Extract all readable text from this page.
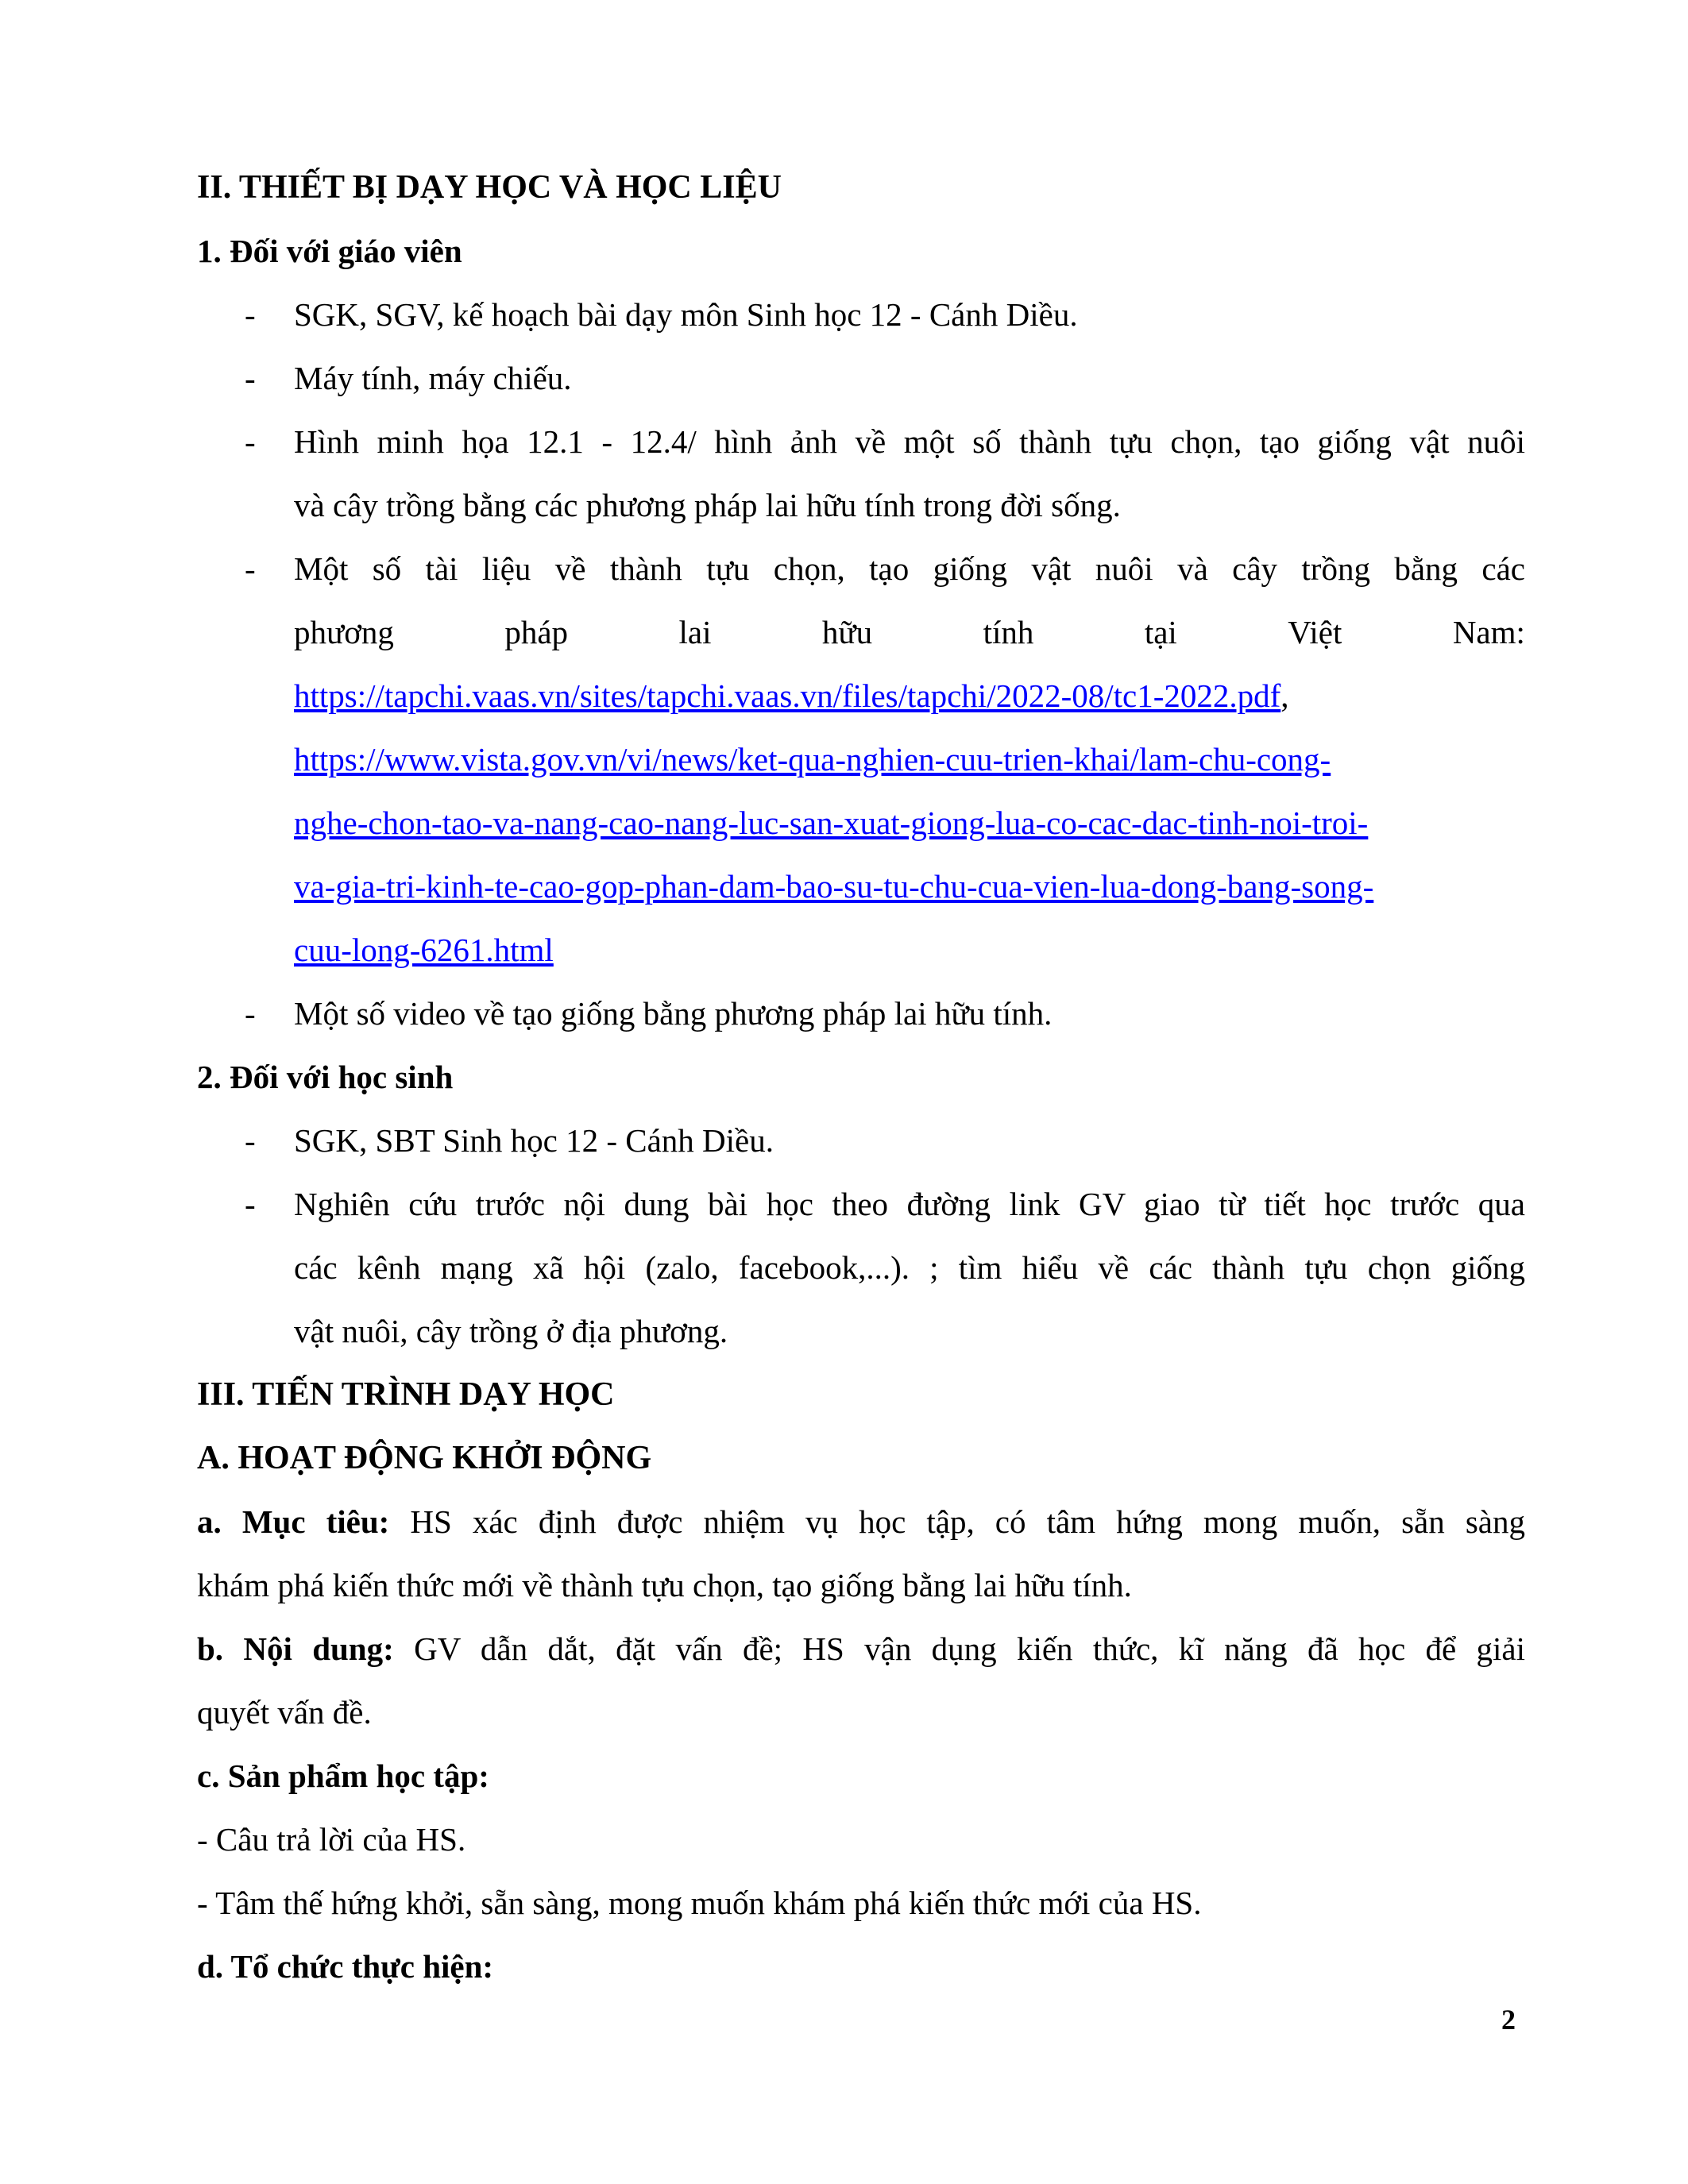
II. THIẾT BỊ DẠY HỌC VÀ HỌC LIỆU
1. Đối với giáo viên
- SGK, SGV, kế hoạch bài dạy môn Sinh học 12 - Cánh Diều.
- Máy tính, máy chiếu.
- Hình minh họa 12.1 - 12.4/ hình ảnh về một số thành tựu chọn, tạo giống vật nuôi
và cây trồng bằng các phương pháp lai hữu tính trong đời sống.
- Một số tài liệu về thành tựu chọn, tạo giống vật nuôi và cây trồng bằng các
phương	pháp	lai	hữu	tính	tại	Việt	Nam:
https://tapchi.vaas.vn/sites/tapchi.vaas.vn/files/tapchi/2022-08/tc1-2022.pdf,
https://www.vista.gov.vn/vi/news/ket-qua-nghien-cuu-trien-khai/lam-chu-cong-
nghe-chon-tao-va-nang-cao-nang-luc-san-xuat-giong-lua-co-cac-dac-tinh-noi-troi-
va-gia-tri-kinh-te-cao-gop-phan-dam-bao-su-tu-chu-cua-vien-lua-dong-bang-song-
cuu-long-6261.html
- Một số video về tạo giống bằng phương pháp lai hữu tính.
2. Đối với học sinh
- SGK, SBT Sinh học 12 - Cánh Diều.
- Nghiên cứu trước nội dung bài học theo đường link GV giao từ tiết học trước qua
các kênh mạng xã hội (zalo, facebook,...). ; tìm hiểu về các thành tựu chọn giống
vật nuôi, cây trồng ở địa phương.
III. TIẾN TRÌNH DẠY HỌC
A. HOẠT ĐỘNG KHỞI ĐỘNG
a. Mục tiêu: HS xác định được nhiệm vụ học tập, có tâm hứng mong muốn, sẵn sàng
khám phá kiến thức mới về thành tựu chọn, tạo giống bằng lai hữu tính.
b. Nội dung: GV dẫn dắt, đặt vấn đề; HS vận dụng kiến thức, kĩ năng đã học để giải
quyết vấn đề.
c. Sản phẩm học tập:
- Câu trả lời của HS.
- Tâm thế hứng khởi, sẵn sàng, mong muốn khám phá kiến thức mới của HS.
d. Tổ chức thực hiện:
2
